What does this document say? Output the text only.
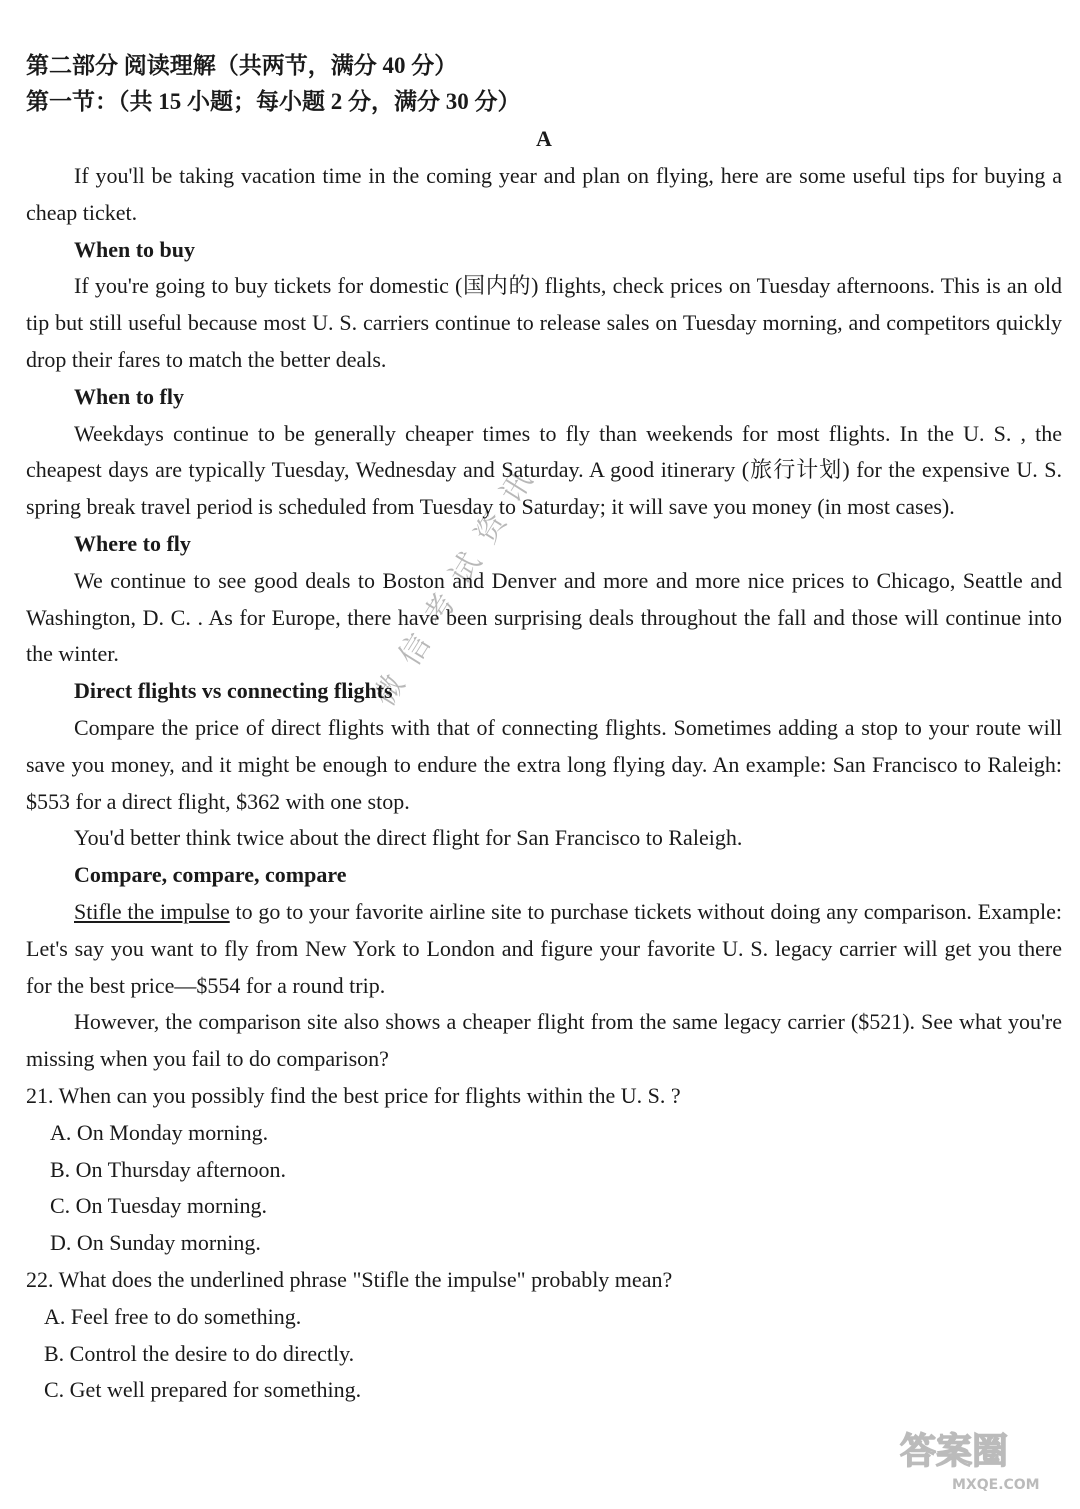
第二部分 阅读理解（共两节，满分 40 分）

第一节：（共 15 小题；每小题 2 分，满分 30 分）

A

If you'll be taking vacation time in the coming year and plan on flying, here are some useful tips for buying a cheap ticket.

When to buy

If you're going to buy tickets for domestic (国内的) flights, check prices on Tuesday afternoons. This is an old tip but still useful because most U. S. carriers continue to release sales on Tuesday morning, and competitors quickly drop their fares to match the better deals.

When to fly

Weekdays continue to be generally cheaper times to fly than weekends for most flights. In the U. S. , the cheapest days are typically Tuesday, Wednesday and Saturday. A good itinerary (旅行计划) for the expensive U. S. spring break travel period is scheduled from Tuesday to Saturday; it will save you money (in most cases).

Where to fly

We continue to see good deals to Boston and Denver and more and more nice prices to Chicago, Seattle and Washington, D. C. . As for Europe, there have been surprising deals throughout the fall and those will continue into the winter.

Direct flights vs connecting flights

Compare the price of direct flights with that of connecting flights. Sometimes adding a stop to your route will save you money, and it might be enough to endure the extra long flying day. An example: San Francisco to Raleigh: $553 for a direct flight, $362 with one stop.

You'd better think twice about the direct flight for San Francisco to Raleigh.

Compare, compare, compare

Stifle the impulse to go to your favorite airline site to purchase tickets without doing any comparison. Example: Let's say you want to fly from New York to London and figure your favorite U. S. legacy carrier will get you there for the best price—$554 for a round trip.

However, the comparison site also shows a cheaper flight from the same legacy carrier ($521). See what you're missing when you fail to do comparison?

21. When can you possibly find the best price for flights within the U. S. ?

A. On Monday morning.

B. On Thursday afternoon.

C. On Tuesday morning.

D. On Sunday morning.

22. What does the underlined phrase "Stifle the impulse" probably mean?

A. Feel free to do something.

B. Control the desire to do directly.

C. Get well prepared for something.

微信考试资讯
答案圈
MXQE.COM
